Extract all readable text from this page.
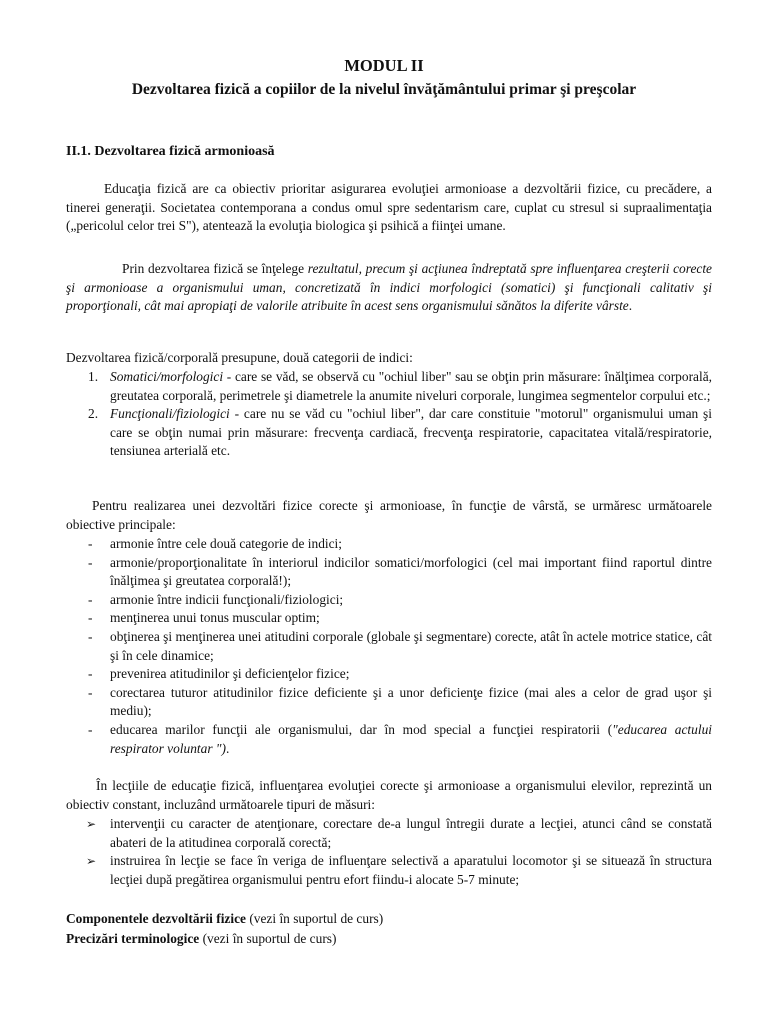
MODUL II
Dezvoltarea fizică a copiilor de la nivelul învăţământului primar şi preşcolar
II.1. Dezvoltarea fizică armonioasă
Educaţia fizică are ca obiectiv prioritar asigurarea evoluţiei armonioase a dezvoltării fizice, cu precădere, a tinerei generaţii. Societatea contemporana a condus omul spre sedentarism care, cuplat cu stresul si supraalimentaţia („pericolul celor trei S"), atentează la evoluţia biologica şi psihică a fiinţei umane.
Prin dezvoltarea fizică se înţelege rezultatul, precum şi acţiunea îndreptată spre influenţarea creşterii corecte şi armonioase a organismului uman, concretizată în indici morfologici (somatici) şi funcţionali calitativ şi proporţionali, cât mai apropiaţi de valorile atribuite în acest sens organismului sănătos la diferite vârste.
Dezvoltarea fizică/corporală presupune, două categorii de indici:
1. Somatici/morfologici - care se văd, se observă cu "ochiul liber" sau se obţin prin măsurare: înălţimea corporală, greutatea corporală, perimetrele şi diametrele la anumite niveluri corporale, lungimea segmentelor corpului etc.;
2. Funcţionali/fiziologici - care nu se văd cu "ochiul liber", dar care constituie "motorul" organismului uman şi care se obţin numai prin măsurare: frecvenţa cardiacă, frecvenţa respiratorie, capacitatea vitală/respiratorie, tensiunea arterială etc.
Pentru realizarea unei dezvoltări fizice corecte şi armonioase, în funcţie de vârstă, se urmăresc următoarele obiective principale:
- armonie între cele două categorie de indici;
- armonie/proporţionalitate în interiorul indicilor somatici/morfologici (cel mai important fiind raportul dintre înălţimea şi greutatea corporală!);
- armonie între indicii funcţionali/fiziologici;
- menţinerea unui tonus muscular optim;
- obţinerea şi menţinerea unei atitudini corporale (globale şi segmentare) corecte, atât în actele motrice statice, cât şi în cele dinamice;
- prevenirea atitudinilor şi deficienţelor fizice;
- corectarea tuturor atitudinilor fizice deficiente şi a unor deficienţe fizice (mai ales a celor de grad uşor şi mediu);
- educarea marilor funcţii ale organismului, dar în mod special a funcţiei respiratorii ("educarea actului respirator voluntar ").
În lecţiile de educaţie fizică, influenţarea evoluţiei corecte şi armonioase a organismului elevilor, reprezintă un obiectiv constant, incluzând următoarele tipuri de măsuri:
➢ intervenţii cu caracter de atenţionare, corectare de-a lungul întregii durate a lecţiei, atunci când se constată abateri de la atitudinea corporală corectă;
➢ instruirea în lecţie se face în veriga de influenţare selectivă a aparatului locomotor şi se situează în structura lecţiei după pregătirea organismului pentru efort fiindu-i alocate 5-7 minute;
Componentele dezvoltării fizice (vezi în suportul de curs)
Precizări terminologice (vezi în suportul de curs)
